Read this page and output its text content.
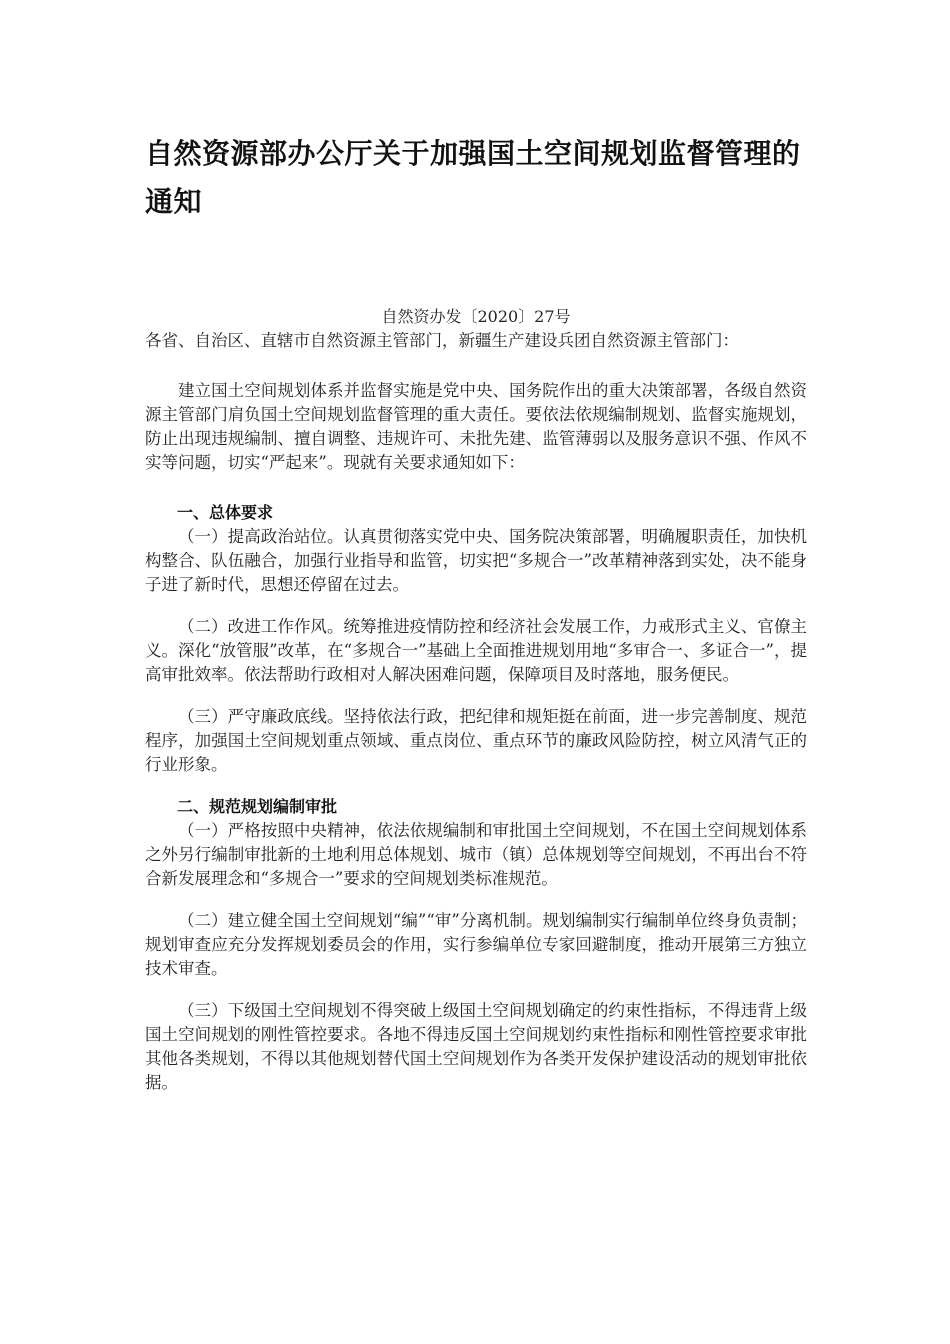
自然资源部办公厅关于加强国土空间规划监督管理的通知
自然资办发〔2020〕27号

各省、自治区、直辖市自然资源主管部门，新疆生产建设兵团自然资源主管部门：

建立国土空间规划体系并监督实施是党中央、国务院作出的重大决策部署，各级自然资源主管部门肩负国土空间规划监督管理的重大责任。要依法依规编制规划、监督实施规划，防止出现违规编制、擅自调整、违规许可、未批先建、监管薄弱以及服务意识不强、作风不实等问题，切实“严起来”。现就有关要求通知如下：

一、总体要求

（一）提高政治站位。认真贯彻落实党中央、国务院决策部署，明确履职责任，加快机构整合、队伍融合，加强行业指导和监管，切实把“多规合一”改革精神落到实处，决不能身子进了新时代，思想还停留在过去。

（二）改进工作作风。统筹推进疫情防控和经济社会发展工作，力戒形式主义、官僚主义。深化“放管服”改革，在“多规合一”基础上全面推进规划用地“多审合一、多证合一”，提高审批效率。依法帮助行政相对人解决困难问题，保障项目及时落地，服务便民。

（三）严守廉政底线。坚持依法行政，把纪律和规矩挺在前面，进一步完善制度、规范程序，加强国土空间规划重点领域、重点岗位、重点环节的廉政风险防控，树立风清气正的行业形象。

二、规范规划编制审批

（一）严格按照中央精神，依法依规编制和审批国土空间规划，不在国土空间规划体系之外另行编制审批新的土地利用总体规划、城市（镇）总体规划等空间规划，不再出台不符合新发展理念和“多规合一”要求的空间规划类标准规范。

（二）建立健全国土空间规划“编”“审”分离机制。规划编制实行编制单位终身负责制；规划审查应充分发挥规划委员会的作用，实行参编单位专家回避制度，推动开展第三方独立技术审查。

（三）下级国土空间规划不得突破上级国土空间规划确定的约束性指标，不得违背上级国土空间规划的刚性管控要求。各地不得违反国土空间规划约束性指标和刚性管控要求审批其他各类规划，不得以其他规划替代国土空间规划作为各类开发保护建设活动的规划审批依据。
